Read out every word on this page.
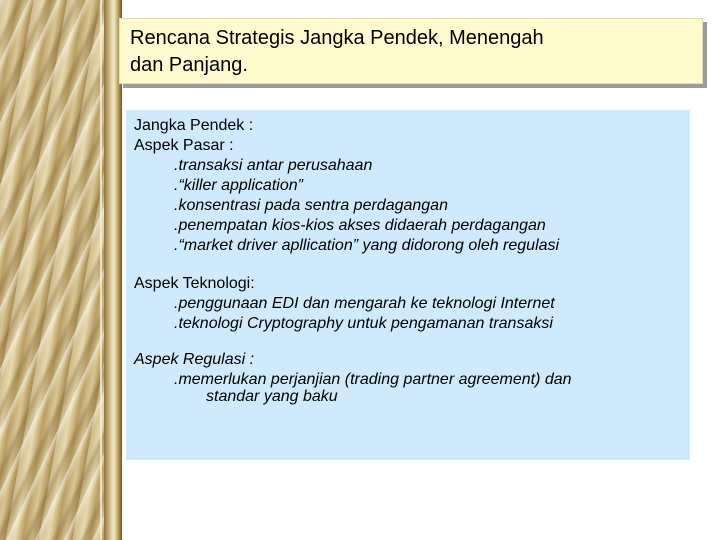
Rencana Strategis Jangka Pendek, Menengah

dan Panjang.

Jangka Pendek :

Aspek Pasar :

.transaksi antar perusahaan

.“killer application”

.konsentrasi pada sentra perdagangan

.penempatan kios-kios akses didaerah perdagangan

.“market driver apllication” yang didorong oleh regulasi

Aspek Teknologi:

.penggunaan EDI dan mengarah ke teknologi Internet

.teknologi Cryptography untuk pengamanan transaksi

Aspek Regulasi :

.memerlukan perjanjian (trading partner agreement) dan

standar yang baku
